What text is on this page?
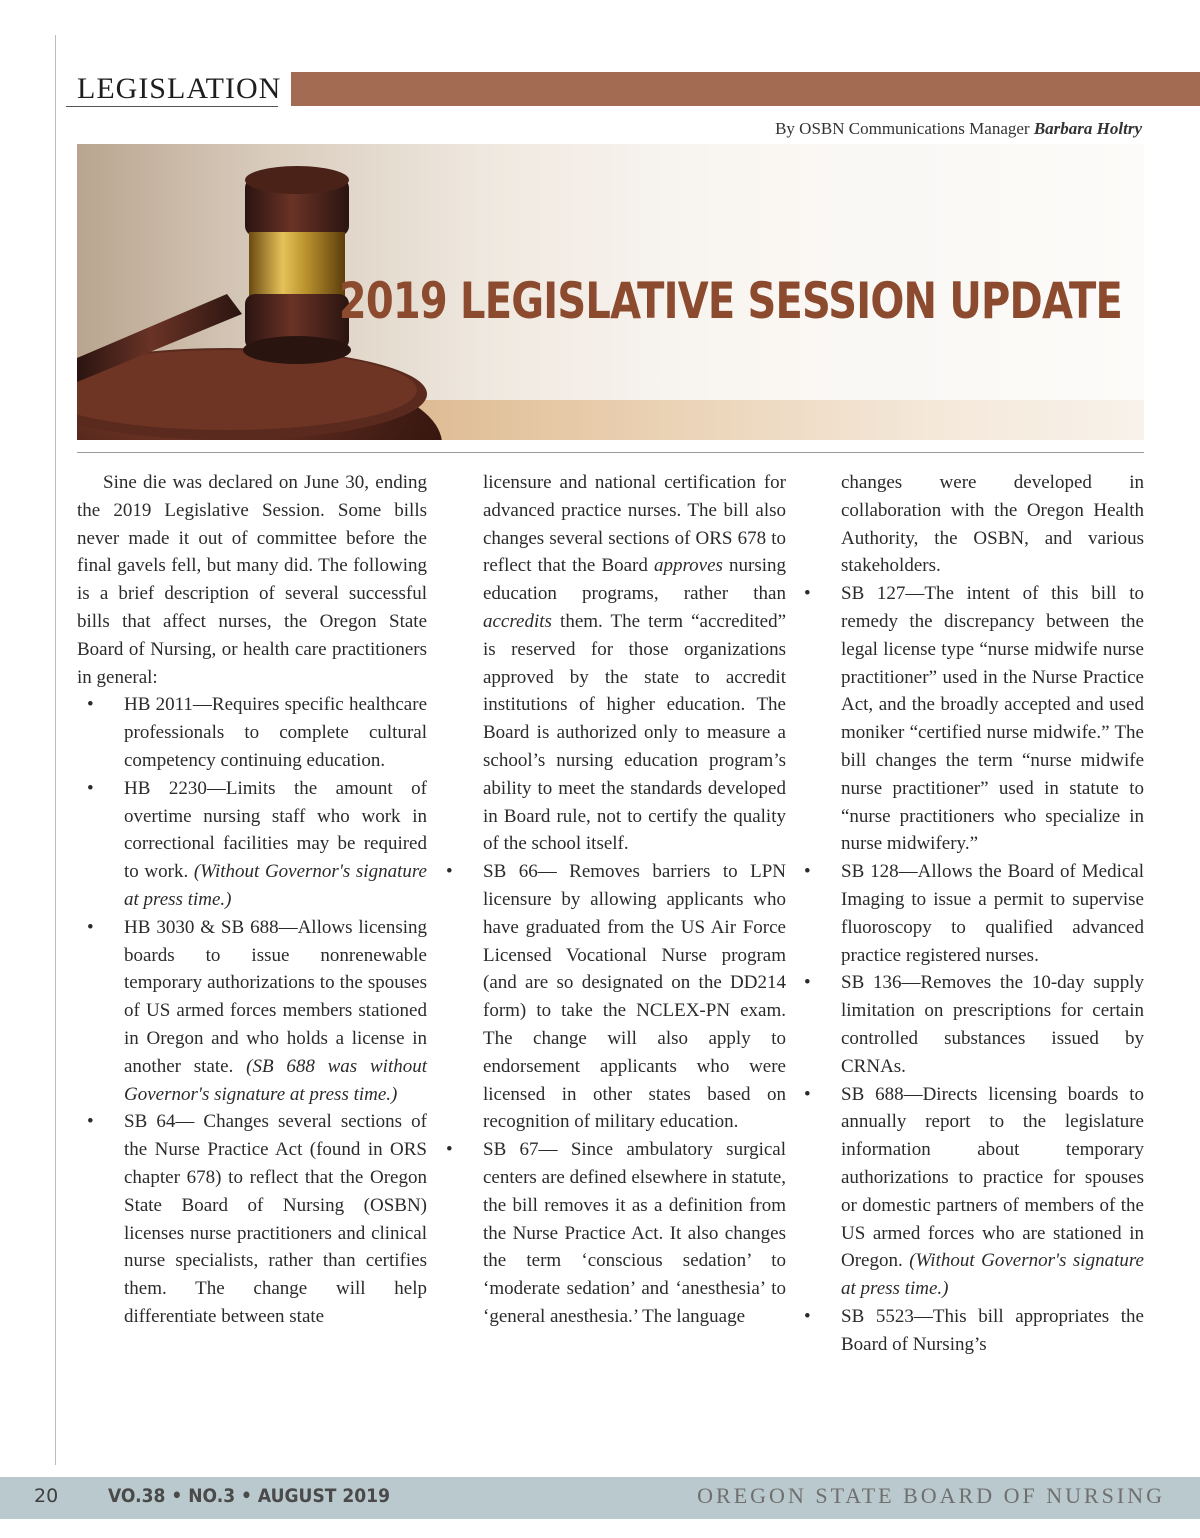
LEGISLATION
By OSBN Communications Manager Barbara Holtry
2019 LEGISLATIVE SESSION UPDATE

Sine die was declared on June 30, ending the 2019 Legislative Session. Some bills never made it out of committee before the final gavels fell, but many did. The following is a brief description of several successful bills that affect nurses, the Oregon State Board of Nursing, or health care practitioners in general:

• HB 2011—Requires specific healthcare professionals to complete cultural competency continuing education.
• HB 2230—Limits the amount of overtime nursing staff who work in correctional facilities may be required to work. (Without Governor's signature at press time.)
• HB 3030 & SB 688—Allows licensing boards to issue nonrenewable temporary authorizations to the spouses of US armed forces members stationed in Oregon and who holds a license in another state. (SB 688 was without Governor's signature at press time.)
• SB 64— Changes several sections of the Nurse Practice Act (found in ORS chapter 678) to reflect that the Oregon State Board of Nursing (OSBN) licenses nurse practitioners and clinical nurse specialists, rather than certifies them. The change will help differentiate between state
licensure and national certification for advanced practice nurses. The bill also changes several sections of ORS 678 to reflect that the Board approves nursing education programs, rather than accredits them. The term “accredited” is reserved for those organizations approved by the state to accredit institutions of higher education. The Board is authorized only to measure a school’s nursing education program’s ability to meet the standards developed in Board rule, not to certify the quality of the school itself.
• SB 66— Removes barriers to LPN licensure by allowing applicants who have graduated from the US Air Force Licensed Vocational Nurse program (and are so designated on the DD214 form) to take the NCLEX-PN exam. The change will also apply to endorsement applicants who were licensed in other states based on recognition of military education.
• SB 67— Since ambulatory surgical centers are defined elsewhere in statute, the bill removes it as a definition from the Nurse Practice Act. It also changes the term ‘conscious sedation’ to ‘moderate sedation’ and ‘anesthesia’ to ‘general anesthesia.’ The language
changes were developed in collaboration with the Oregon Health Authority, the OSBN, and various stakeholders.
• SB 127—The intent of this bill to remedy the discrepancy between the legal license type “nurse midwife nurse practitioner” used in the Nurse Practice Act, and the broadly accepted and used moniker “certified nurse midwife.” The bill changes the term “nurse midwife nurse practitioner” used in statute to “nurse practitioners who specialize in nurse midwifery.”
• SB 128—Allows the Board of Medical Imaging to issue a permit to supervise fluoroscopy to qualified advanced practice registered nurses.
• SB 136—Removes the 10-day supply limitation on prescriptions for certain controlled substances issued by CRNAs.
• SB 688—Directs licensing boards to annually report to the legislature information about temporary authorizations to practice for spouses or domestic partners of members of the US armed forces who are stationed in Oregon. (Without Governor's signature at press time.)
• SB 5523—This bill appropriates the Board of Nursing’s
20	VO.38 • NO.3 • AUGUST 2019	OREGON STATE BOARD OF NURSING
